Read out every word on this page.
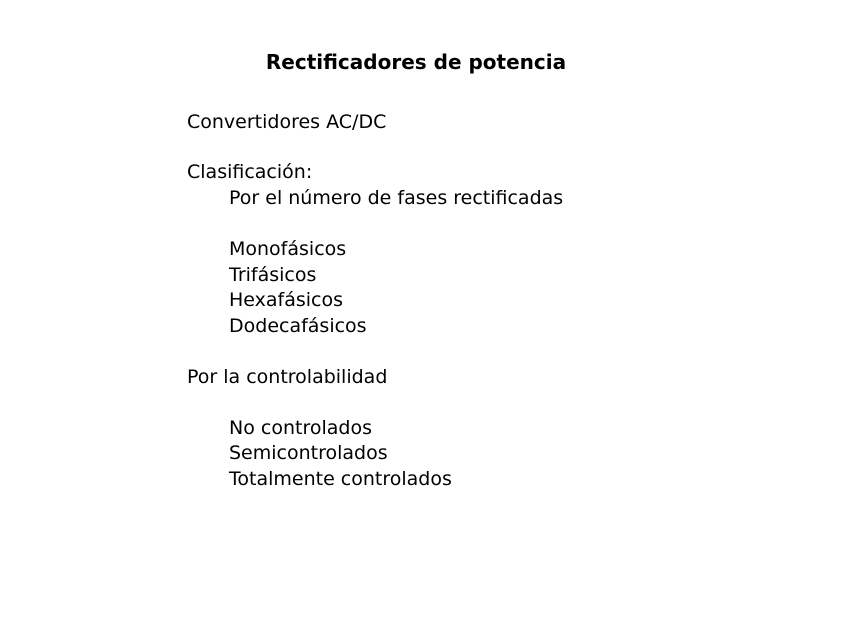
Rectificadores de potencia
Convertidores AC/DC
Clasificación:
Por el número de fases rectificadas
Monofásicos
Trifásicos
Hexafásicos
Dodecafásicos
Por la controlabilidad
No controlados
Semicontrolados
Totalmente controlados
